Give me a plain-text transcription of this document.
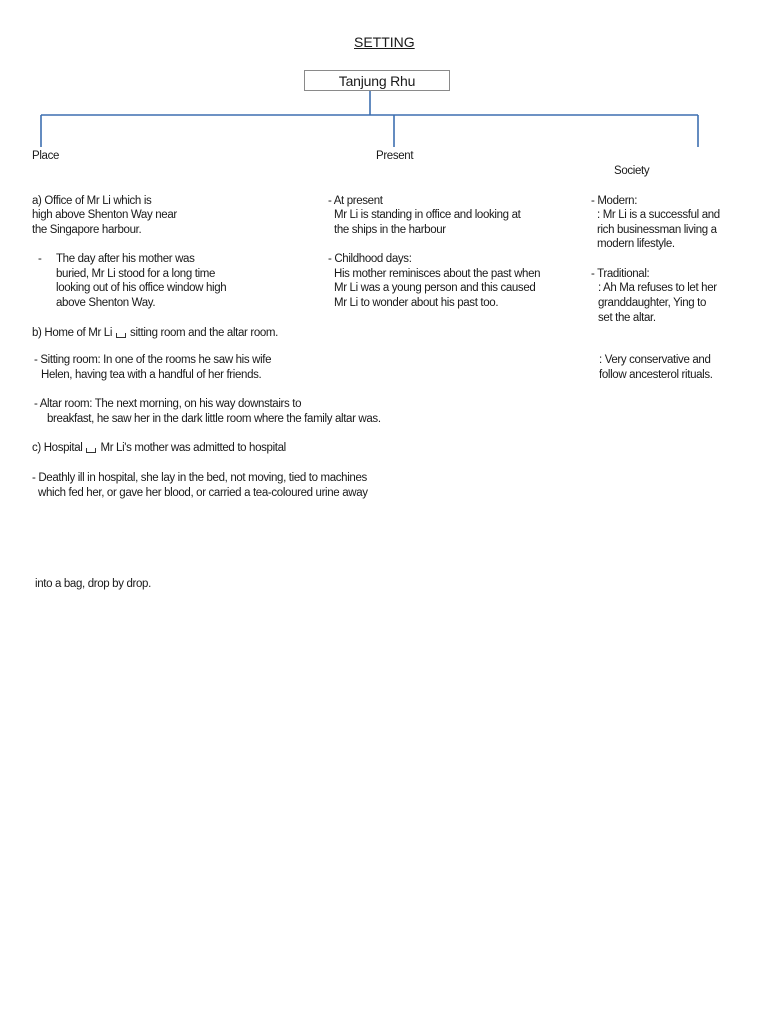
SETTING
Tanjung Rhu
Place	Present
Society
a) Office of Mr Li which is
high above Shenton Way near
the Singapore harbour.
- The day after his mother was
buried, Mr Li stood for a long time
looking out of his office window high
above Shenton Way.
b) Home of Mr Li sitting room and the altar room.
- Sitting room: In one of the rooms he saw his wife
Helen, having tea with a handful of her friends.
- Altar room: The next morning, on his way downstairs to
breakfast, he saw her in the dark little room where the family altar was.
c) Hospital Mr Li's mother was admitted to hospital
- Deathly ill in hospital, she lay in the bed, not moving, tied to machines
which fed her, or gave her blood, or carried a tea-coloured urine away
into a bag, drop by drop.
- At present
Mr Li is standing in office and looking at
the ships in the harbour
- Childhood days:
His mother reminisces about the past when
Mr Li was a young person and this caused
Mr Li to wonder about his past too.
- Modern:
: Mr Li is a successful and
rich businessman living a
modern lifestyle.
- Traditional:
: Ah Ma refuses to let her
granddaughter, Ying to
set the altar.
: Very conservative and
follow ancesterol rituals.
